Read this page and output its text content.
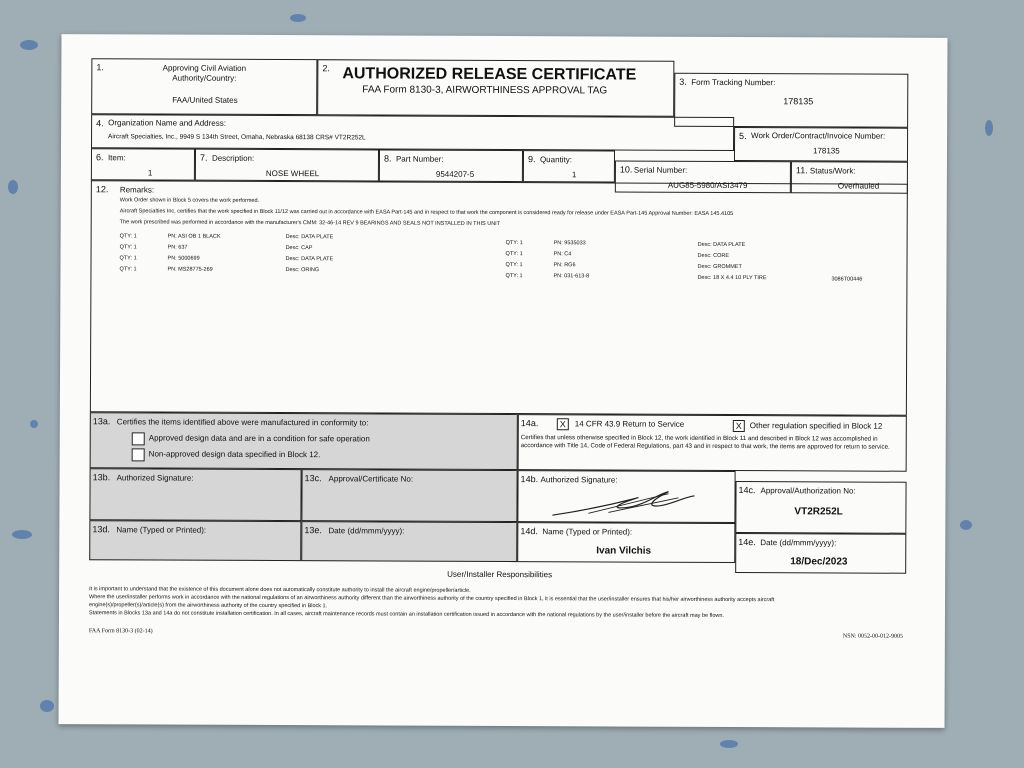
1.	Approving Civil Aviation Authority/Country:
FAA/United States
2. AUTHORIZED RELEASE CERTIFICATE
FAA Form 8130-3, AIRWORTHINESS APPROVAL TAG
3. Form Tracking Number:
178135
4. Organization Name and Address:
Aircraft Specialties, Inc., 9949 S 134th Street, Omaha, Nebraska 68138 CRS# VT2R252L	5. Work Order/Contract/Invoice Number:
178135
6. Item:
1
7. Description:
NOSE WHEEL
8. Part Number:
9544207-5
9. Quantity:
1
10. Serial Number:
AUG85-5980/ASI3479
11. Status/Work:
Overhauled
12. Remarks:
Work Order shown in Block 5 covers the work performed.
Aircraft Specialties Inc. certifies that the work specified in Block 11/12 was carried out in accordance with EASA Part-145 and in respect to that work the component is considered ready for release under EASA Part-145 Approval Number: EASA 145.4105
The work prescribed was performed in accordance with the manufacturer's CMM: 32-46-14 REV 9 BEARINGS AND SEALS NOT INSTALLED IN THIS UNIT
QTY: 1	PN: ASI OB 1 BLACK	Desc: DATA PLATE
QTY: 1	PN: 637	Desc: CAP
QTY: 1	PN: 5000699	Desc: DATA PLATE
QTY: 1	PN: MS28775-269	Desc: ORING
QTY: 1	PN: 9535033	Desc: DATA PLATE
QTY: 1	PN: C4	Desc: CORE
QTY: 1	PN: RG6	Desc: GROMMET
QTY: 1	PN: 031-613-8	Desc: 18 X 4.4 10 PLY TIRE	3086T00446
13a. Certifies the items identified above were manufactured in conformity to:
Approved design data and are in a condition for safe operation
Non-approved design data specified in Block 12.
14a.	X	14 CFR 43.9 Return to Service	X Other regulation specified in Block 12
Certifies that unless otherwise specified in Block 12, the work identified in Block 11 and described in Block 12 was accomplished in accordance with Title 14, Code of Federal Regulations, part 43 and in respect to that work, the items are approved for return to service.
13b. Authorized Signature:	13c. Approval/Certificate No:	14b. Authorized Signature:
14c. Approval/Authorization No:
VT2R252L
13d. Name (Typed or Printed):	13e. Date (dd/mmm/yyyy):	14d. Name (Typed or Printed):
Ivan Vilchis
14e. Date (dd/mmm/yyyy):
18/Dec/2023
User/Installer Responsibilities
It is important to understand that the existence of this document alone does not automatically constitute authority to install the aircraft engine/propeller/article.
Where the user/installer performs work in accordance with the national regulations of an airworthiness authority different than the airworthiness authority of the country specified in Block 1, it is essential that the user/installer ensures that his/her airworthiness authority accepts aircraft
engine(s)/propeller(s)/article(s) from the airworthiness authority of the country specified in Block 1.
Statements in Blocks 13a and 14a do not constitute installation certification. In all cases, aircraft maintenance records must contain an installation certification issued in accordance with the national regulations by the user/installer before the aircraft may be flown.
FAA Form 8130-3 (02-14)
NSN: 0052-00-012-9005
